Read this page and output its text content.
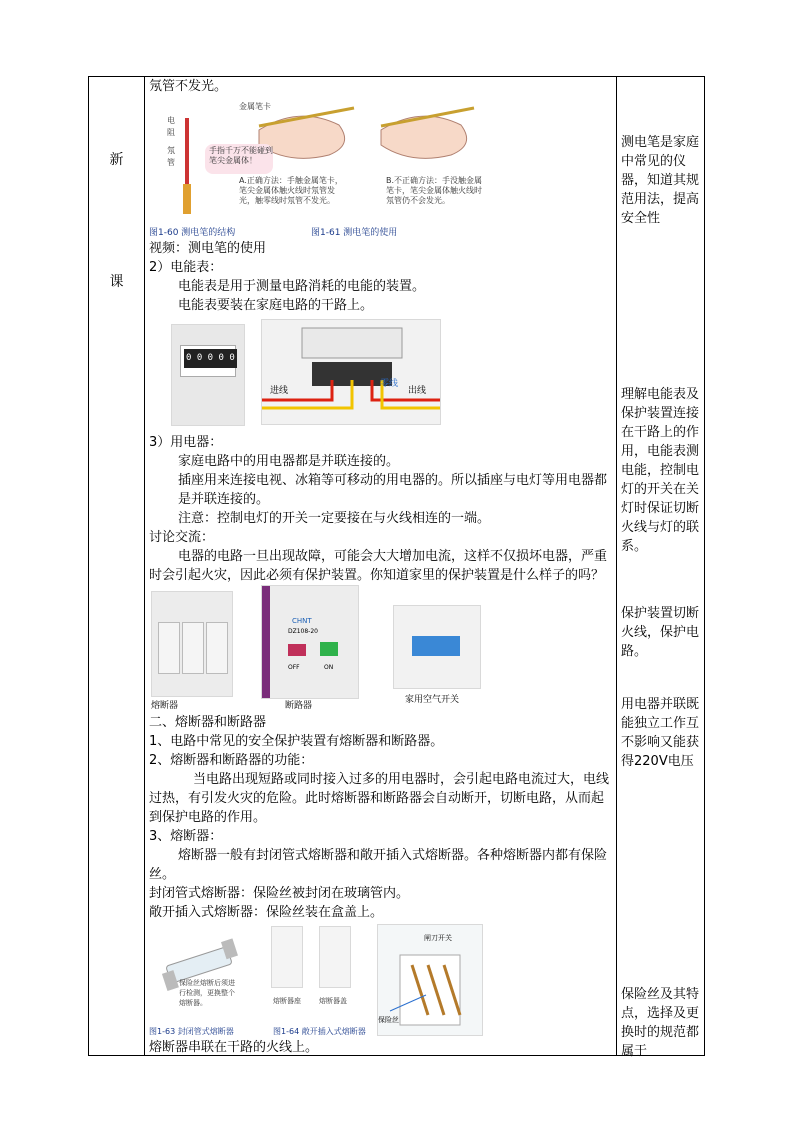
新
课
氖管不发光。
电
阻
氖
管
金属笔卡
手指千万不能碰到笔尖金属体！
A.正确方法：手触金属笔卡，笔尖金属体触火线时氖管发光，触零线时氖管不发光。
B.不正确方法：手没触金属笔卡，笔尖金属体触火线时氖管仍不会发光。
图1-60 测电笔的结构	图1-61 测电笔的使用
视频：测电笔的使用
2）电能表：
电能表是用于测量电路消耗的电能的装置。
电能表要装在家庭电路的干路上。
0 0 0 0 0
进线	出线
零线
3）用电器：
家庭电路中的用电器都是并联连接的。
插座用来连接电视、冰箱等可移动的用电器的。所以插座与电灯等用电器都是并联连接的。
注意：控制电灯的开关一定要接在与火线相连的一端。
讨论交流：
电器的电路一旦出现故障，可能会大大增加电流，这样不仅损坏电器，严重时会引起火灾，因此必须有保护装置。你知道家里的保护装置是什么样子的吗？
CHNT
DZ108-20
OFF	ON
熔断器	断路器
家用空气开关
二、熔断器和断路器
1、电路中常见的安全保护装置有熔断器和断路器。
2、熔断器和断路器的功能：
当电路出现短路或同时接入过多的用电器时，会引起电路电流过大，电线过热，有引发火灾的危险。此时熔断器和断路器会自动断开，切断电路，从而起到保护电路的作用。
3、熔断器：
熔断器一般有封闭管式熔断器和敞开插入式熔断器。各种熔断器内都有保险丝。
封闭管式熔断器：保险丝被封闭在玻璃管内。
敞开插入式熔断器：保险丝装在盒盖上。
保险丝熔断后须进行检测，更换整个熔断器。
图1-63 封闭管式熔断器
熔断器座	熔断器盖
图1-64 敞开插入式熔断器
闸刀开关
保险丝
熔断器串联在干路的火线上。
测电笔是家庭中常见的仪器，知道其规范用法，提高安全性
理解电能表及保护装置连接在干路上的作用，电能表测电能，控制电灯的开关在关灯时保证切断火线与灯的联系。
保护装置切断火线，保护电路。
用电器并联既能独立工作互不影响又能获得220V电压
保险丝及其特点，选择及更换时的规范都属于
